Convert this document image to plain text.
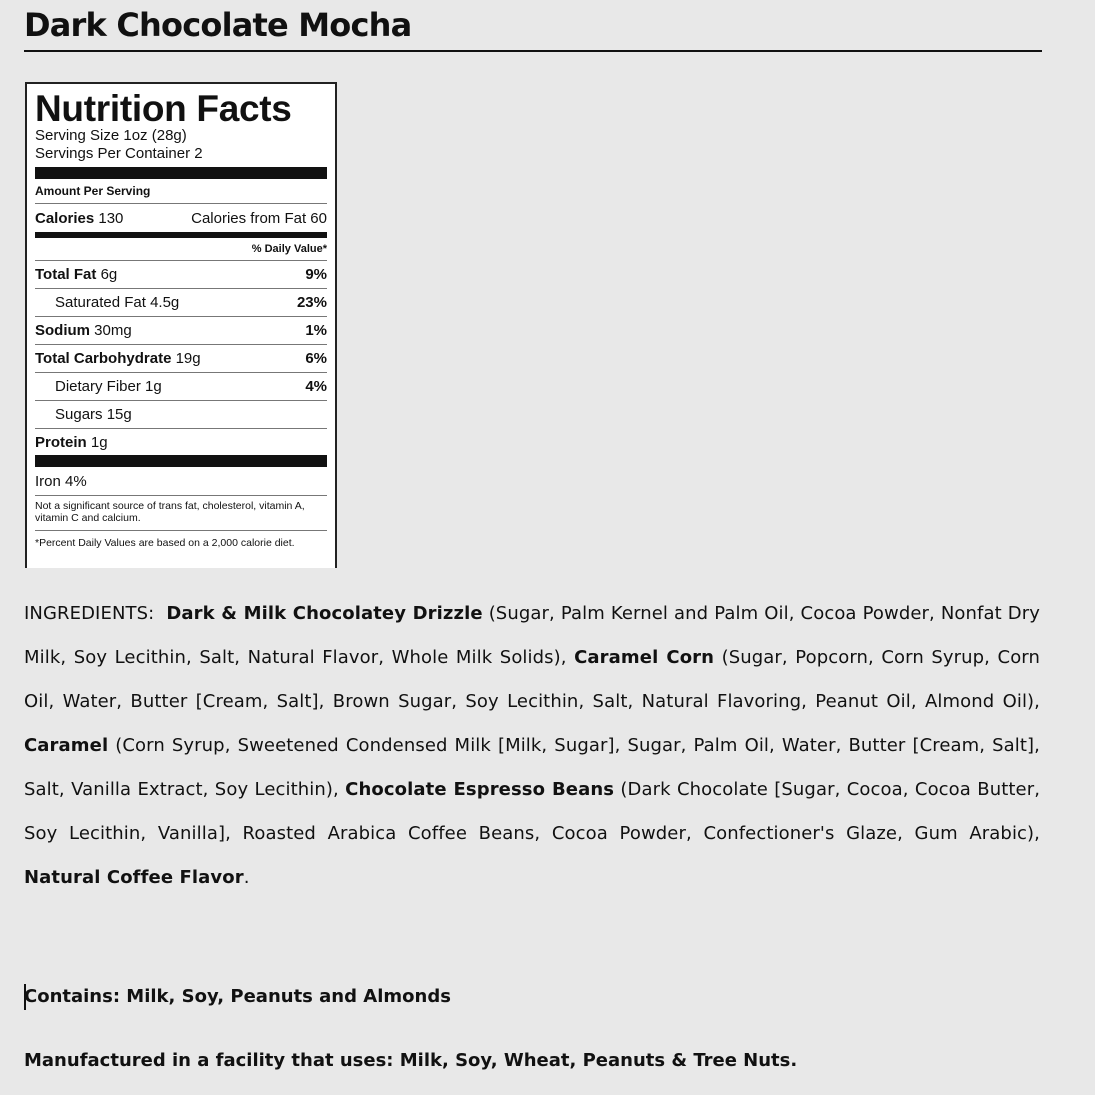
Dark Chocolate Mocha
Nutrition Facts
Serving Size 1oz (28g)
Servings Per Container 2
Amount Per Serving
Calories 130	Calories from Fat 60
% Daily Value*
Total Fat 6g	9%
Saturated Fat 4.5g	23%
Sodium 30mg	1%
Total Carbohydrate 19g	6%
Dietary Fiber 1g	4%
Sugars 15g
Protein 1g
Iron 4%
Not a significant source of trans fat, cholesterol, vitamin A, vitamin C and calcium.
*Percent Daily Values are based on a 2,000 calorie diet.

INGREDIENTS: Dark & Milk Chocolatey Drizzle (Sugar, Palm Kernel and Palm Oil, Cocoa Powder, Nonfat Dry Milk, Soy Lecithin, Salt, Natural Flavor, Whole Milk Solids), Caramel Corn (Sugar, Popcorn, Corn Syrup, Corn Oil, Water, Butter [Cream, Salt], Brown Sugar, Soy Lecithin, Salt, Natural Flavoring, Peanut Oil, Almond Oil), Caramel (Corn Syrup, Sweetened Condensed Milk [Milk, Sugar], Sugar, Palm Oil, Water, Butter [Cream, Salt], Salt, Vanilla Extract, Soy Lecithin), Chocolate Espresso Beans (Dark Chocolate [Sugar, Cocoa, Cocoa Butter, Soy Lecithin, Vanilla], Roasted Arabica Coffee Beans, Cocoa Powder, Confectioner's Glaze, Gum Arabic), Natural Coffee Flavor.

Contains: Milk, Soy, Peanuts and Almonds

Manufactured in a facility that uses: Milk, Soy, Wheat, Peanuts & Tree Nuts.
